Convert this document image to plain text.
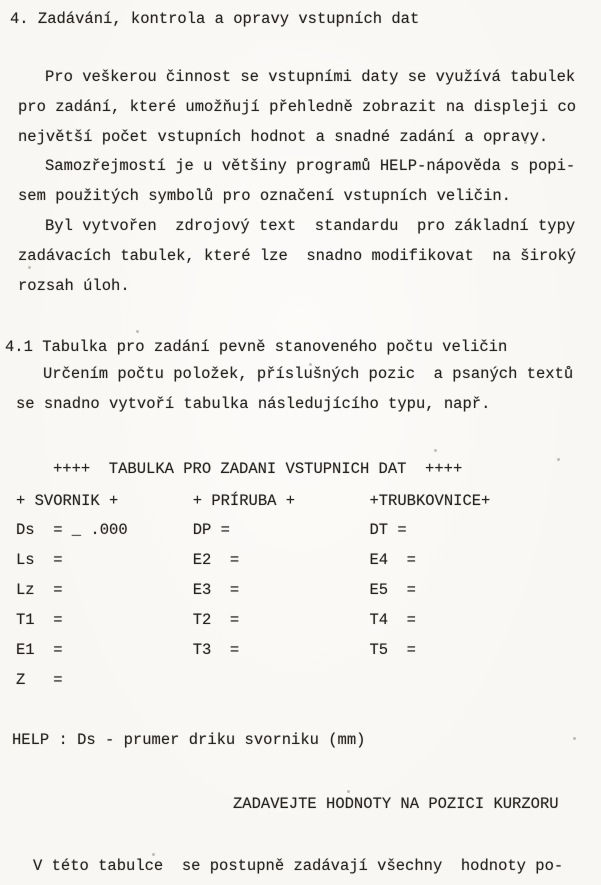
4. Zadávání, kontrola a opravy vstupních dat
Pro veškerou činnost se vstupními daty se využívá tabulek
pro zadání, které umožňují přehledně zobrazit na displeji co
největší počet vstupních hodnot a snadné zadání a opravy.
Samozřejmostí je u většiny programů HELP-nápověda s popi-
sem použitých symbolů pro označení vstupních veličin.
Byl vytvořen  zdrojový text  standardu  pro základní typy
zadávacích tabulek, které lze  snadno modifikovat  na široký
rozsah úloh.
4.1 Tabulka pro zadání pevně stanoveného počtu veličin
Určením počtu položek, příslušných pozic  a psaných textů
se snadno vytvoří tabulka následujícího typu, např.
++++  TABULKA PRO ZADANI VSTUPNICH DAT  ++++
+ SVORNIK +	+ PRÍRUBA +	+TRUBKOVNICE+
Ds  = _ .000	DP =	DT =
Ls  =	E2  =	E4  =
Lz  =	E3  =	E5  =
T1  =	T2  =	T4  =
E1  =	T3  =	T5  =
Z   =
HELP : Ds - prumer driku svorniku (mm)
ZADAVEJTE HODNOTY NA POZICI KURZORU
V této tabulce  se postupně zadávají všechny  hodnoty po-
